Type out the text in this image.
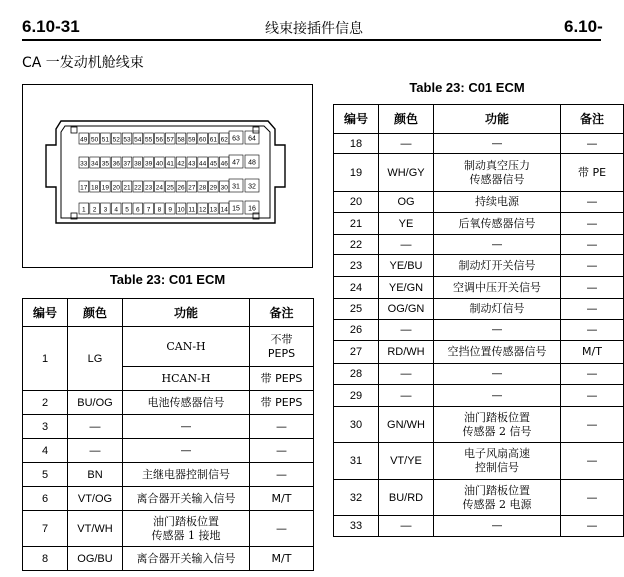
6.10-31	线束接插件信息	6.10-
CA 一发动机舱线束
49 50 51 52 53 54 55 56 57 58 59 60 61 62 63 64
33 34 35 36 37 38 39 40 41 42 43 44 45 46 47 48
17 18 19 20 21 22 23 24 25 26 27 28 29 30 31 32
1 2 3 4 5 6 7 8 9 10 11 12 13 14 15 16
Table 23: C01 ECM
编号	颜色	功能	备注
1	LG	CAN-H	不带
PEPS
		HCAN-H	带 PEPS
2	BU/OG	电池传感器信号	带 PEPS
3	—	—	—
4	—	—	—
5	BN	主继电器控制信号	—
6	VT/OG	离合器开关输入信号	M/T
7	VT/WH	油门踏板位置
传感器 1 接地	—
8	OG/BU	离合器开关输入信号	M/T
Table 23: C01 ECM
编号	颜色	功能	备注
18	—	—	—
19	WH/GY	制动真空压力
传感器信号	带 PE
20	OG	持续电源	—
21	YE	后氧传感器信号	—
22	—	—	—
23	YE/BU	制动灯开关信号	—
24	YE/GN	空调中压开关信号	—
25	OG/GN	制动灯信号	—
26	—	—	—
27	RD/WH	空挡位置传感器信号	M/T
28	—	—	—
29	—	—	—
30	GN/WH	油门踏板位置
传感器 2 信号	—
31	VT/YE	电子风扇高速
控制信号	—
32	BU/RD	油门踏板位置
传感器 2 电源	—
33	—	—	—
